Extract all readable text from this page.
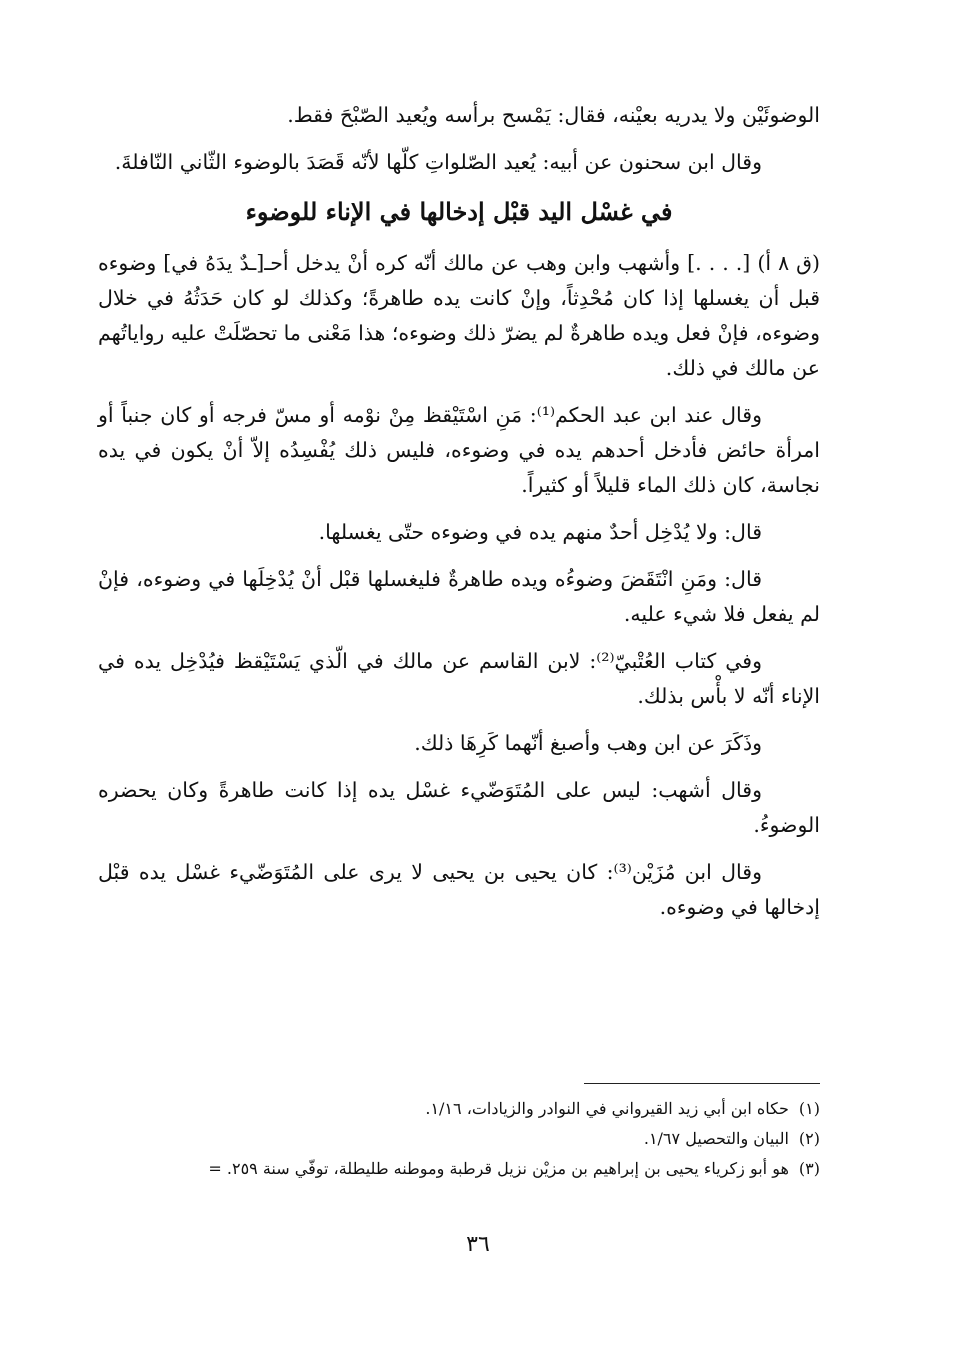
الوضوئَيْن ولا يدريه بعيْنه، فقال: يَمْسح برأسه ويُعيد الصّبْحَ فقط.

وقال ابن سحنون عن أبيه: يُعيد الصّلواتِ كلّها لأنّه قَصَدَ بالوضوء الثّاني النّافلةَ.

في غسْل اليد قبْل إدخالها في الإناء للوضوء

(ق ٨ أ) [. . . .] وأشهب وابن وهب عن مالك أنّه كره أنْ يدخل أحـ[ـدٌ يدَهُ في] وضوءه قبل أن يغسلها إذا كان مُحْدِثاً، وإنْ كانت يده طاهرةً؛ وكذلك لو كان حَدَثُهُ في خلال وضوءه، فإنْ فعل ويده طاهرةٌ لم يضرّ ذلك وضوءه؛ هذا مَعْنى ما تحصّلَتْ عليه رواياتُهم عن مالك في ذلك.

وقال عند ابن عبد الحكم⁽¹⁾: مَنِ اسْتَيْقظ مِنْ نوْمه أو مسّ فرجه أو كان جنباً أو امرأة حائض فأدخل أحدهم يده في وضوءه، فليس ذلك يُفْسِدُه إلاّ أنْ يكون في يده نجاسة، كان ذلك الماء قليلاً أو كثيراً.

قال: ولا يُدْخِل أحدٌ منهم يده في وضوءه حتّى يغسلها.

قال: ومَنِ انْتَقَضَ وضوءُه ويده طاهرةٌ فليغسلها قبْل أنْ يُدْخِلَها في وضوءه، فإنْ لم يفعل فلا شيء عليه.

وفي كتاب العُتْبيّ⁽²⁾: لابن القاسم عن مالك في الّذي يَسْتَيْقظ فيُدْخِل يده في الإناء أنّه لا بأْس بذلك.

وذَكَرَ عن ابن وهب وأصبغ أنّهما كَرِهَا ذلك.

وقال أشهب: ليس على المُتَوَضّيء غسْل يده إذا كانت طاهرةً وكان يحضره الوضوءُ.

وقال ابن مُزَيْن⁽³⁾: كان يحيى بن يحيى لا يرى على المُتَوَضّيء غسْل يده قبْل إدخالها في وضوءه.

(١)حكاه ابن أبي زيد القيرواني في النوادر والزيادات، ١/١٦.
(٢)البيان والتحصيل ١/٦٧.
(٣)هو أبو زكرياء يحيى بن إبراهيم بن مزيْن نزيل قرطبة وموطنه طليطلة، توفّي سنة ٢٥٩. =
٣٦
